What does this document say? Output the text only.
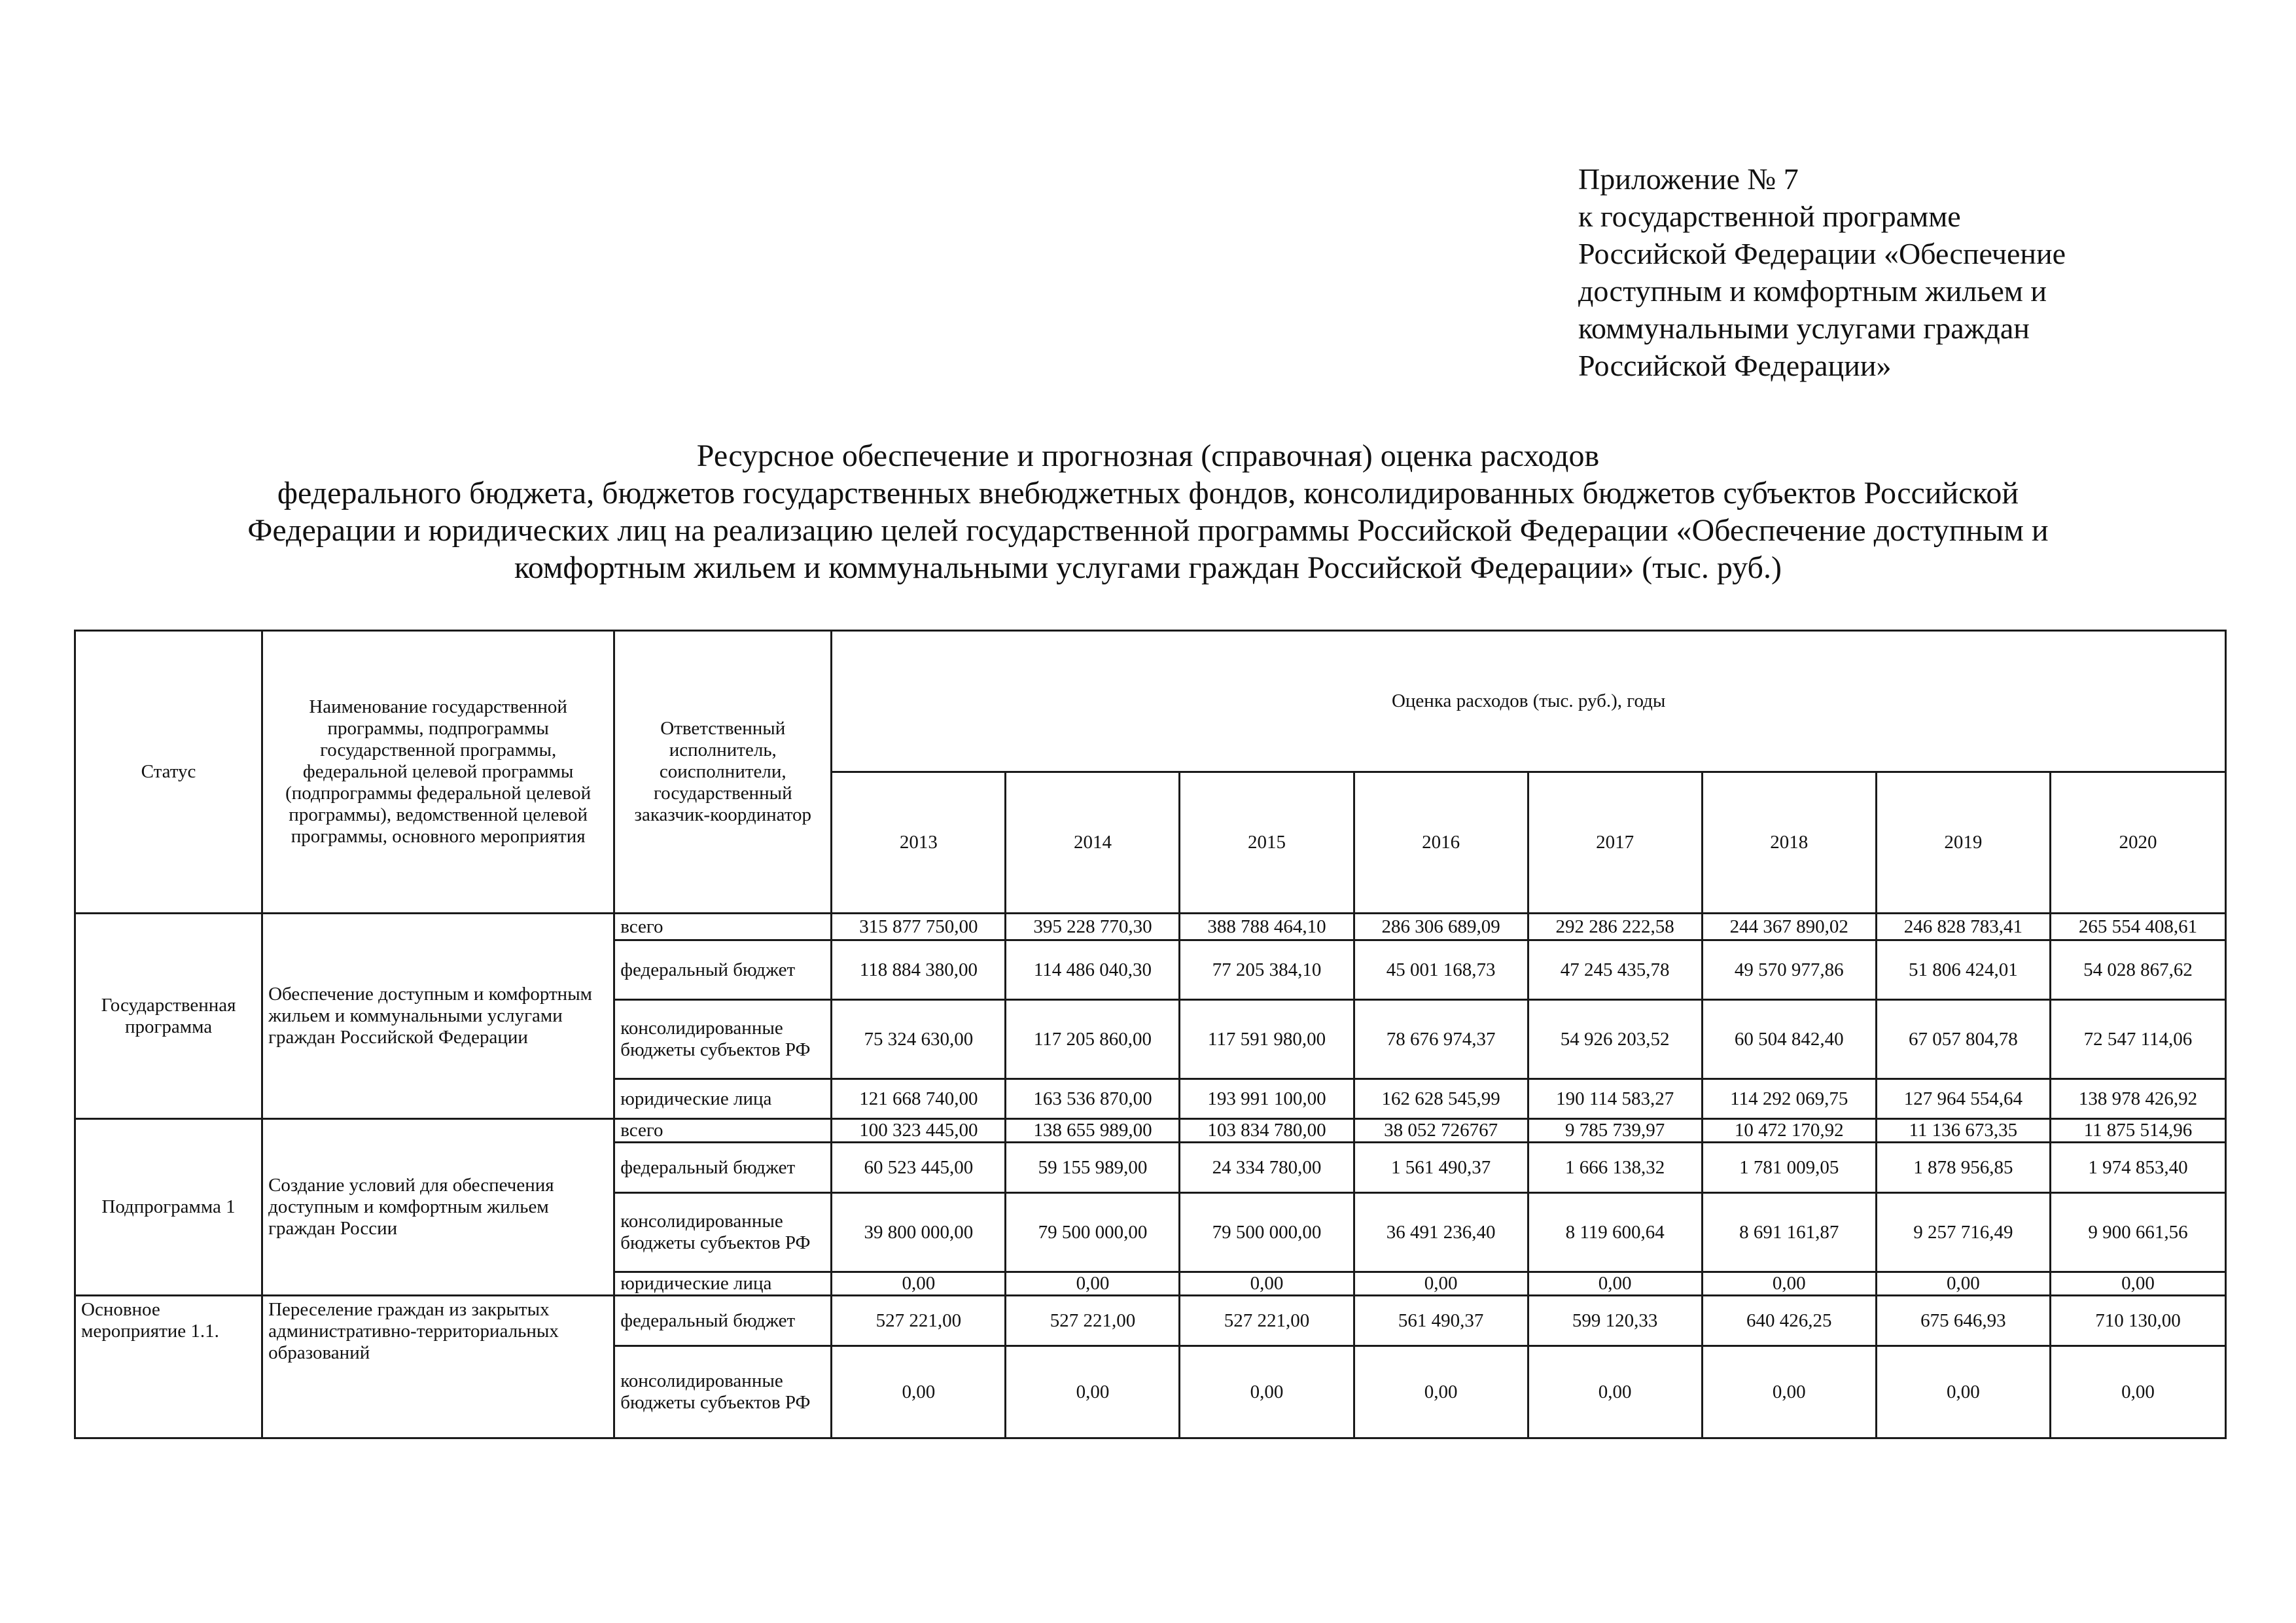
Приложение № 7
к государственной программе
Российской Федерации «Обеспечение
доступным и комфортным жильем и
коммунальными услугами граждан
Российской Федерации»
Ресурсное обеспечение и прогнозная (справочная) оценка расходов
федерального бюджета, бюджетов государственных внебюджетных фондов, консолидированных бюджетов субъектов Российской
Федерации и юридических лиц на реализацию целей государственной программы Российской Федерации «Обеспечение доступным и
комфортным жильем и коммунальными услугами граждан Российской Федерации» (тыс. руб.)
Статус	Наименование государственной программы, подпрограммы государственной программы, федеральной целевой программы (подпрограммы федеральной целевой программы), ведомственной целевой программы, основного мероприятия	Ответственный исполнитель, соисполнители, государственный заказчик-координатор	Оценка расходов (тыс. руб.), годы							
			2013	2014	2015	2016	2017	2018	2019	2020
Государственная программа	Обеспечение доступным и комфортным жильем и коммунальными услугами граждан Российской Федерации	всего	315 877 750,00	395 228 770,30	388 788 464,10	286 306 689,09	292 286 222,58	244 367 890,02	246 828 783,41	265 554 408,61
		федеральный бюджет	118 884 380,00	114 486 040,30	77 205 384,10	45 001 168,73	47 245 435,78	49 570 977,86	51 806 424,01	54 028 867,62
		консолидированные бюджеты субъектов РФ	75 324 630,00	117 205 860,00	117 591 980,00	78 676 974,37	54 926 203,52	60 504 842,40	67 057 804,78	72 547 114,06
		юридические лица	121 668 740,00	163 536 870,00	193 991 100,00	162 628 545,99	190 114 583,27	114 292 069,75	127 964 554,64	138 978 426,92
Подпрограмма 1	Создание условий для обеспечения доступным и комфортным жильем граждан России	всего	100 323 445,00	138 655 989,00	103 834 780,00	38 052 726767	9 785 739,97	10 472 170,92	11 136 673,35	11 875 514,96
		федеральный бюджет	60 523 445,00	59 155 989,00	24 334 780,00	1 561 490,37	1 666 138,32	1 781 009,05	1 878 956,85	1 974 853,40
		консолидированные бюджеты субъектов РФ	39 800 000,00	79 500 000,00	79 500 000,00	36 491 236,40	8 119 600,64	8 691 161,87	9 257 716,49	9 900 661,56
		юридические лица	0,00	0,00	0,00	0,00	0,00	0,00	0,00	0,00
Основное мероприятие 1.1.	Переселение граждан из закрытых административно-территориальных образований	федеральный бюджет	527 221,00	527 221,00	527 221,00	561 490,37	599 120,33	640 426,25	675 646,93	710 130,00
		консолидированные бюджеты субъектов РФ	0,00	0,00	0,00	0,00	0,00	0,00	0,00	0,00
